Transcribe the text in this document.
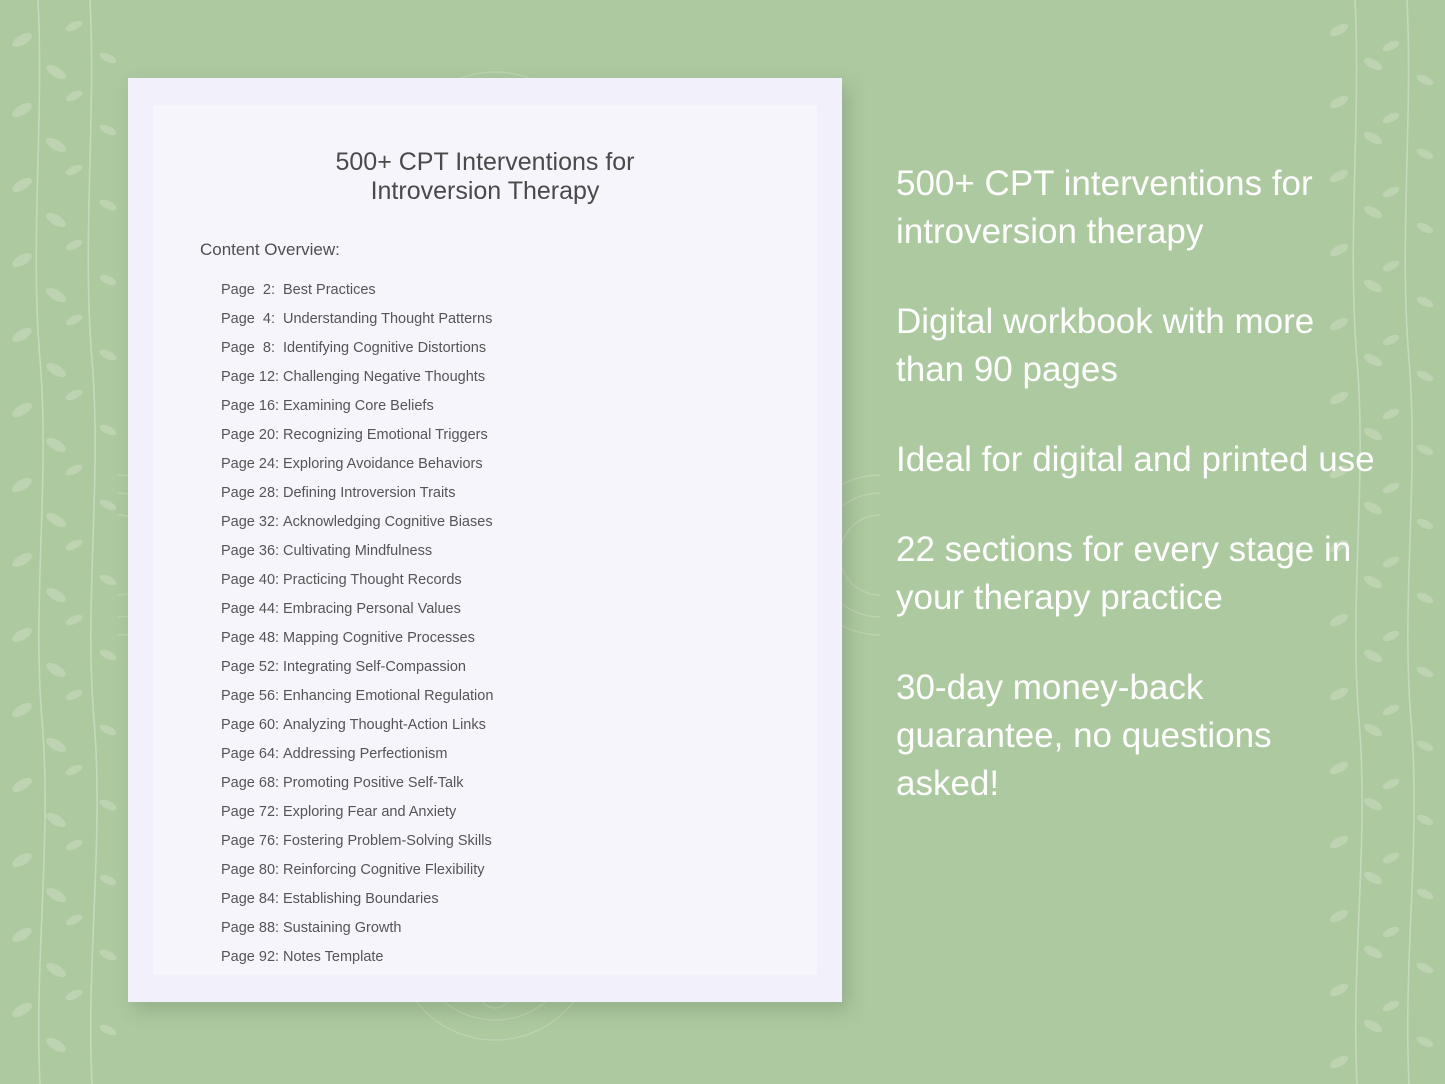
500+ CPT Interventions for
Introversion Therapy
Content Overview:
Page  2: Best Practices
Page  4: Understanding Thought Patterns
Page  8: Identifying Cognitive Distortions
Page 12: Challenging Negative Thoughts
Page 16: Examining Core Beliefs
Page 20: Recognizing Emotional Triggers
Page 24: Exploring Avoidance Behaviors
Page 28: Defining Introversion Traits
Page 32: Acknowledging Cognitive Biases
Page 36: Cultivating Mindfulness
Page 40: Practicing Thought Records
Page 44: Embracing Personal Values
Page 48: Mapping Cognitive Processes
Page 52: Integrating Self-Compassion
Page 56: Enhancing Emotional Regulation
Page 60: Analyzing Thought-Action Links
Page 64: Addressing Perfectionism
Page 68: Promoting Positive Self-Talk
Page 72: Exploring Fear and Anxiety
Page 76: Fostering Problem-Solving Skills
Page 80: Reinforcing Cognitive Flexibility
Page 84: Establishing Boundaries
Page 88: Sustaining Growth
Page 92: Notes Template
500+ CPT interventions for introversion therapy
Digital workbook with more than 90 pages
Ideal for digital and printed use
22 sections for every stage in your therapy practice
30-day money-back guarantee, no questions asked!
